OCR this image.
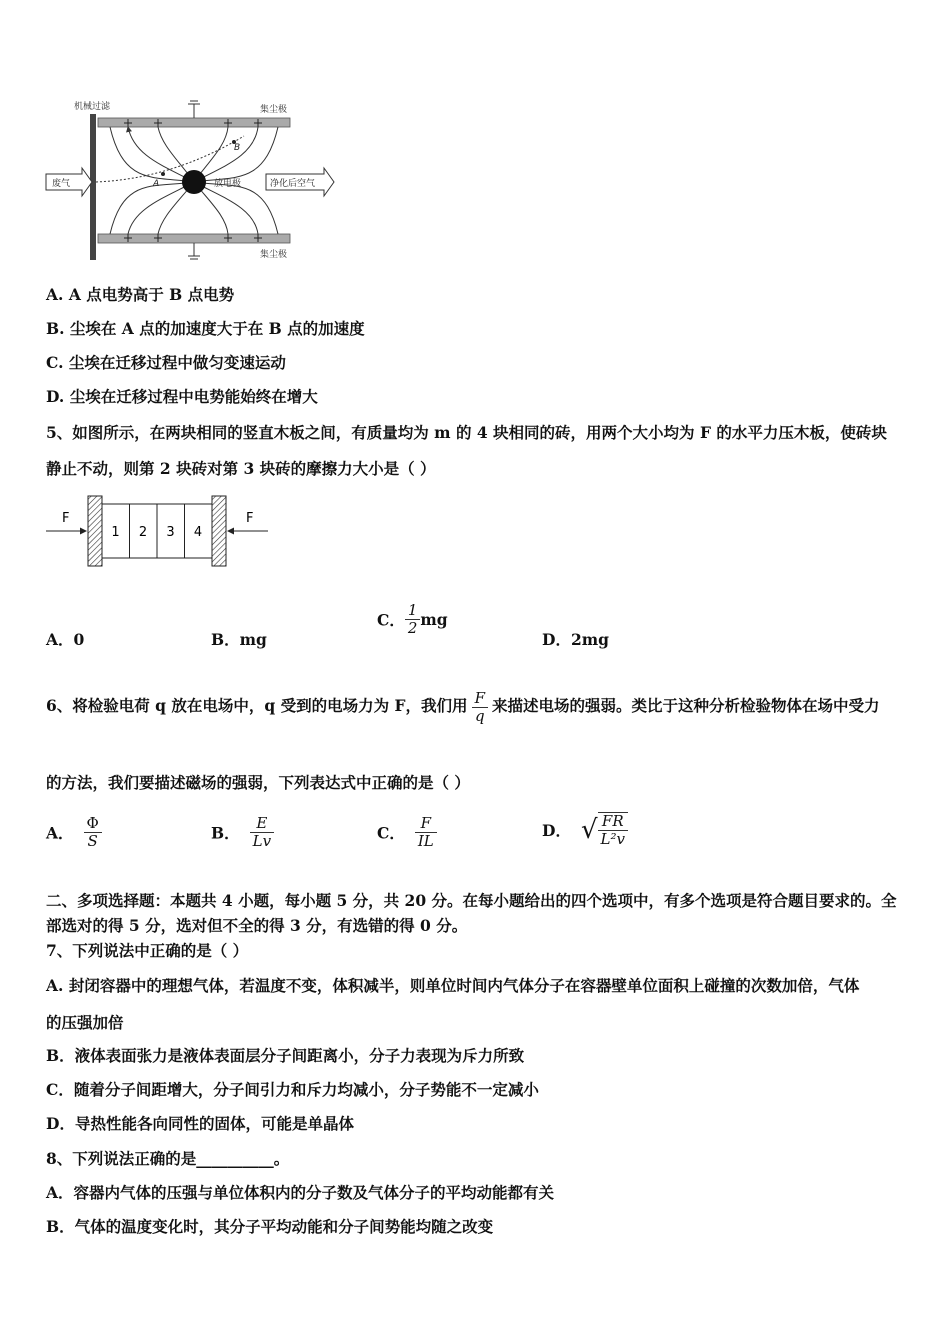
机械过滤	集尘极
集尘极
A
B
放电极
废气	净化后空气
A. A 点电势高于 B 点电势
B. 尘埃在 A 点的加速度大于在 B 点的加速度
C. 尘埃在迁移过程中做匀变速运动
D. 尘埃在迁移过程中电势能始终在增大
5、如图所示，在两块相同的竖直木板之间，有质量均为 m 的 4 块相同的砖，用两个大小均为 F 的水平力压木板，使砖块
静止不动，则第 2 块砖对第 3 块砖的摩擦力大小是（ ）
1 2 3 4
F	F
A．0	B．mg
C． $\frac{1}{2}$ mg
D．2mg
6、将检验电荷 q 放在电场中，q 受到的电场力为 F，我们用 $\frac{F}{q}$ 来描述电场的强弱。类比于这种分析检验物体在场中受力
的方法，我们要描述磁场的强弱，下列表达式中正确的是（ ）
A． $\frac{\Phi}{S}$	B． $\frac{E}{Lv}$	C． $\frac{F}{IL}$	D． √ $\frac{FR}{\text{L²v}}$
二、多项选择题：本题共 4 小题，每小题 5 分，共 20 分。在每小题给出的四个选项中，有多个选项是符合题目要求的。全
部选对的得 5 分，选对但不全的得 3 分，有选错的得 0 分。
7、下列说法中正确的是（ ）
A. 封闭容器中的理想气体，若温度不变，体积减半，则单位时间内气体分子在容器壁单位面积上碰撞的次数加倍，气体
的压强加倍
B．液体表面张力是液体表面层分子间距离小，分子力表现为斥力所致
C．随着分子间距增大，分子间引力和斥力均减小，分子势能不一定减小
D．导热性能各向同性的固体，可能是单晶体
8、下列说法正确的是__________。
A．容器内气体的压强与单位体积内的分子数及气体分子的平均动能都有关
B．气体的温度变化时，其分子平均动能和分子间势能均随之改变
